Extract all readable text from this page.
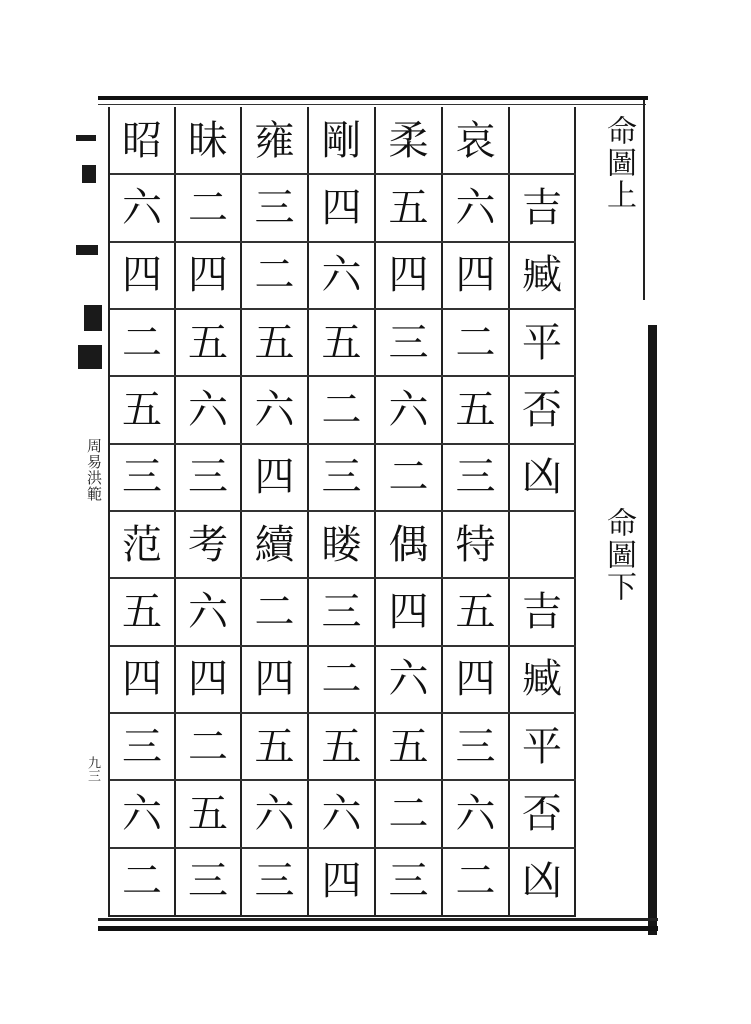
周易洪範
九三
吉
臧
平
否
凶
吉
臧
平
否
凶
哀
六
四
二
五
三
特
五
四
三
六
二
柔
五
四
三
六
二
偶
四
六
五
二
三
剛
四
六
五
二
三
䁖
三
二
五
六
四
雍
三
二
五
六
四
續
二
四
五
六
三
昧
二
四
五
六
三
考
六
四
二
五
三
昭
六
四
二
五
三
范
五
四
三
六
二
命圖上
命圖下
